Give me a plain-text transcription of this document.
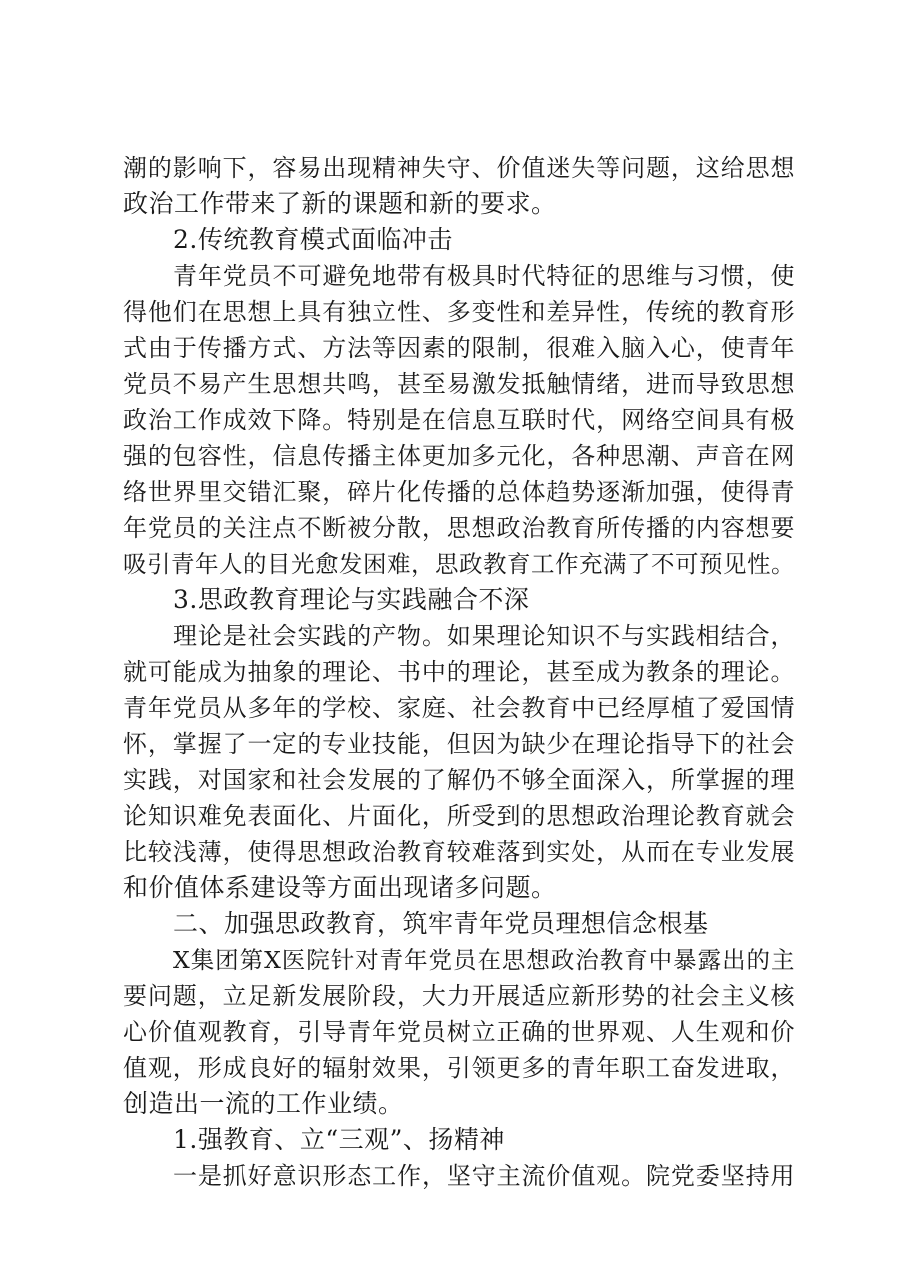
潮的影响下，容易出现精神失守、价值迷失等问题，这给思想
政治工作带来了新的课题和新的要求。
2.传统教育模式面临冲击
青年党员不可避免地带有极具时代特征的思维与习惯，使
得他们在思想上具有独立性、多变性和差异性，传统的教育形
式由于传播方式、方法等因素的限制，很难入脑入心，使青年
党员不易产生思想共鸣，甚至易激发抵触情绪，进而导致思想
政治工作成效下降。特别是在信息互联时代，网络空间具有极
强的包容性，信息传播主体更加多元化，各种思潮、声音在网
络世界里交错汇聚，碎片化传播的总体趋势逐渐加强，使得青
年党员的关注点不断被分散，思想政治教育所传播的内容想要
吸引青年人的目光愈发困难，思政教育工作充满了不可预见性。
3.思政教育理论与实践融合不深
理论是社会实践的产物。如果理论知识不与实践相结合，
就可能成为抽象的理论、书中的理论，甚至成为教条的理论。
青年党员从多年的学校、家庭、社会教育中已经厚植了爱国情
怀，掌握了一定的专业技能，但因为缺少在理论指导下的社会
实践，对国家和社会发展的了解仍不够全面深入，所掌握的理
论知识难免表面化、片面化，所受到的思想政治理论教育就会
比较浅薄，使得思想政治教育较难落到实处，从而在专业发展
和价值体系建设等方面出现诸多问题。
二、加强思政教育，筑牢青年党员理想信念根基
X集团第X医院针对青年党员在思想政治教育中暴露出的主
要问题，立足新发展阶段，大力开展适应新形势的社会主义核
心价值观教育，引导青年党员树立正确的世界观、人生观和价
值观，形成良好的辐射效果，引领更多的青年职工奋发进取，
创造出一流的工作业绩。
1.强教育、立“三观”、扬精神
一是抓好意识形态工作，坚守主流价值观。院党委坚持用
